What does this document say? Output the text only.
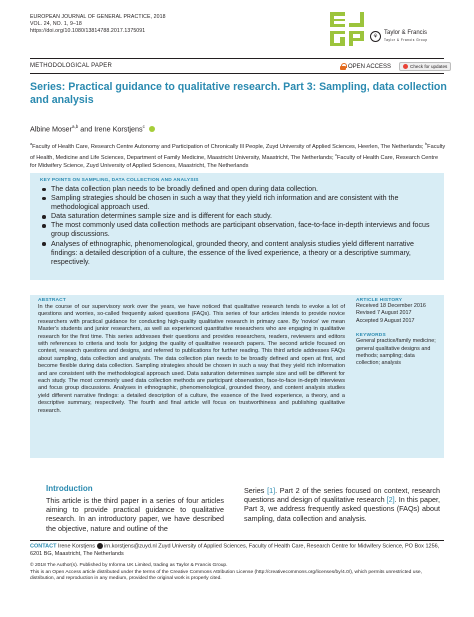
EUROPEAN JOURNAL OF GENERAL PRACTICE, 2018
VOL. 24, NO. 1, 9–18
https://doi.org/10.1080/13814788.2017.1375091
⚘
Taylor & Francis
Taylor & Francis Group
METHODOLOGICAL PAPER	OPEN ACCESS	Check for updates
Series: Practical guidance to qualitative research. Part 3: Sampling, data collection and analysis
Albine Moser$^{a,b}$ and Irene Korstjens$^c$
$^a$Faculty of Health Care, Research Centre Autonomy and Participation of Chronically Ill People, Zuyd University of Applied Sciences, Heerlen, The Netherlands; $^b$Faculty of Health, Medicine and Life Sciences, Department of Family Medicine, Maastricht University, Maastricht, The Netherlands; $^c$Faculty of Health Care, Research Centre for Midwifery Science, Zuyd University of Applied Sciences, Maastricht, The Netherlands
KEY POINTS ON SAMPLING, DATA COLLECTION AND ANALYSIS
The data collection plan needs to be broadly defined and open during data collection.
Sampling strategies should be chosen in such a way that they yield rich information and are consistent with the methodological approach used.
Data saturation determines sample size and is different for each study.
The most commonly used data collection methods are participant observation, face-to-face in-depth interviews and focus group discussions.
Analyses of ethnographic, phenomenological, grounded theory, and content analysis studies yield different narrative findings: a detailed description of a culture, the essence of the lived experience, a theory or a descriptive summary, respectively.
ABSTRACT

In the course of our supervisory work over the years, we have noticed that qualitative research tends to evoke a lot of questions and worries, so-called frequently asked questions (FAQs). This series of four articles intends to provide novice researchers with practical guidance for conducting high-quality qualitative research in primary care. By 'novice' we mean Master's students and junior researchers, as well as experienced quantitative researchers who are engaging in qualitative research for the first time. This series addresses their questions and provides researchers, readers, reviewers and editors with references to criteria and tools for judging the quality of qualitative research papers. The second article focused on context, research questions and designs, and referred to publications for further reading. This third article addresses FAQs about sampling, data collection and analysis. The data collection plan needs to be broadly defined and open at first, and become flexible during data collection. Sampling strategies should be chosen in such a way that they yield rich information and are consistent with the methodological approach used. Data saturation determines sample size and will be different for each study. The most commonly used data collection methods are participant observation, face-to-face in-depth interviews and focus group discussions. Analyses in ethnographic, phenomenological, grounded theory, and content analysis studies yield different narrative findings: a detailed description of a culture, the essence of the lived experience, a theory, and a descriptive summary, respectively. The fourth and final article will focus on trustworthiness and publishing qualitative research.

ARTICLE HISTORY
Received 18 December 2016
Revised 7 August 2017
Accepted 9 August 2017
KEYWORDS
General practice/family medicine; general qualitative designs and methods; sampling; data collection; analysis
Introduction

This article is the third paper in a series of four articles aiming to provide practical guidance to qualitative research. In an introductory paper, we have described the objective, nature and outline of the

Series [1]. Part 2 of the series focused on context, research questions and design of qualitative research [2]. In this paper, Part 3, we address frequently asked questions (FAQs) about sampling, data collection and analysis.

CONTACT Irene Korstjens irn.korstjens@zuyd.nl Zuyd University of Applied Sciences, Faculty of Health Care, Research Centre for Midwifery Science, PO Box 1256, 6201 BG, Maastricht, The Netherlands
© 2018 The Author(s). Published by Informa UK Limited, trading as Taylor & Francis Group.
This is an Open Access article distributed under the terms of the Creative Commons Attribution License (http://creativecommons.org/licenses/by/4.0/), which permits unrestricted use, distribution, and reproduction in any medium, provided the original work is properly cited.
